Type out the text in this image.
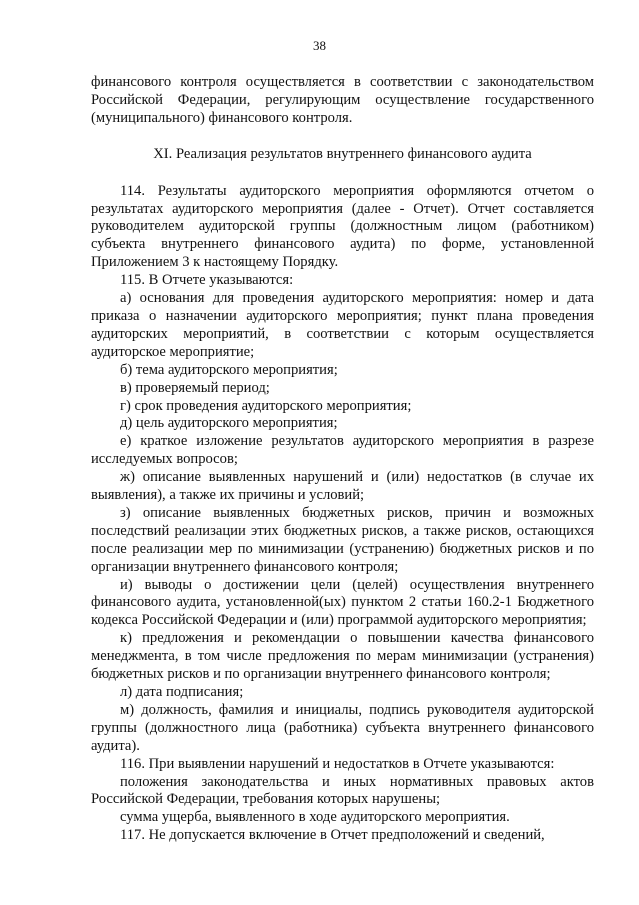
38

финансового контроля осуществляется в соответствии с законодательством Российской Федерации, регулирующим осуществление государственного (муниципального) финансового контроля.

XI. Реализация результатов внутреннего финансового аудита

114. Результаты аудиторского мероприятия оформляются отчетом о результатах аудиторского мероприятия (далее - Отчет). Отчет составляется руководителем аудиторской группы (должностным лицом (работником) субъекта внутреннего финансового аудита) по форме, установленной Приложением 3 к настоящему Порядку.

115. В Отчете указываются:

а) основания для проведения аудиторского мероприятия: номер и дата приказа о назначении аудиторского мероприятия; пункт плана проведения аудиторских мероприятий, в соответствии с которым осуществляется аудиторское мероприятие;

б) тема аудиторского мероприятия;

в) проверяемый период;

г) срок проведения аудиторского мероприятия;

д) цель аудиторского мероприятия;

е) краткое изложение результатов аудиторского мероприятия в разрезе исследуемых вопросов;

ж) описание выявленных нарушений и (или) недостатков (в случае их выявления), а также их причины и условий;

з) описание выявленных бюджетных рисков, причин и возможных последствий реализации этих бюджетных рисков, а также рисков, остающихся после реализации мер по минимизации (устранению) бюджетных рисков и по организации внутреннего финансового контроля;

и) выводы о достижении цели (целей) осуществления внутреннего финансового аудита, установленной(ых) пунктом 2 статьи 160.2-1 Бюджетного кодекса Российской Федерации и (или) программой аудиторского мероприятия;

к) предложения и рекомендации о повышении качества финансового менеджмента, в том числе предложения по мерам минимизации (устранения) бюджетных рисков и по организации внутреннего финансового контроля;

л) дата подписания;

м) должность, фамилия и инициалы, подпись руководителя аудиторской группы (должностного лица (работника) субъекта внутреннего финансового аудита).

116. При выявлении нарушений и недостатков в Отчете указываются:

положения законодательства и иных нормативных правовых актов Российской Федерации, требования которых нарушены;

сумма ущерба, выявленного в ходе аудиторского мероприятия.

117. Не допускается включение в Отчет предположений и сведений,
